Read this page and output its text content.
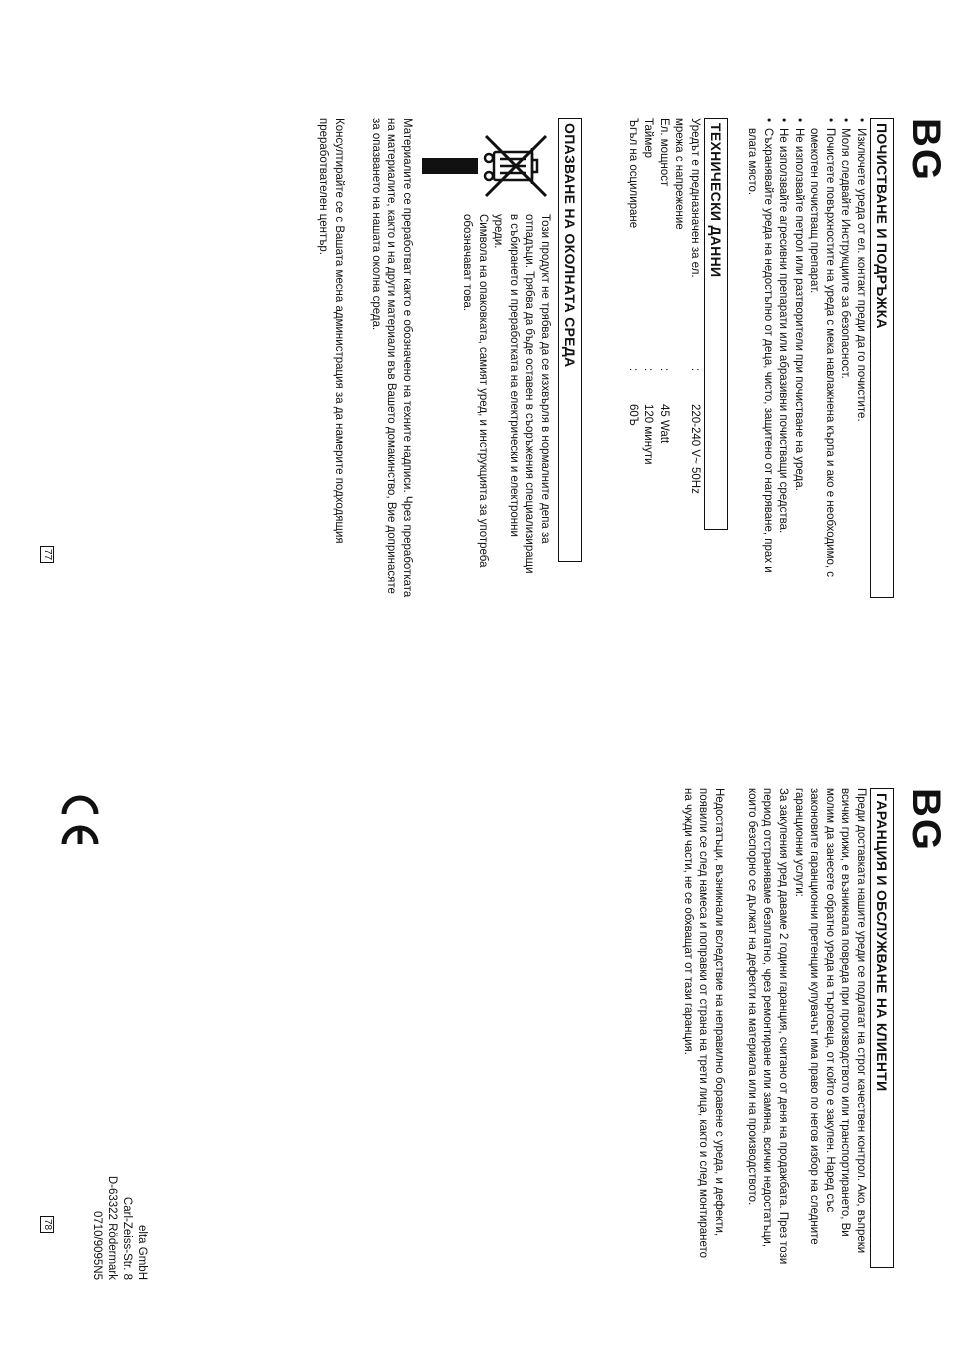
BG
ПОЧИСТВАНЕ И ПОДРЪЖКА
• Изключете уреда от ел. контакт преди да го почистите.
• Моля следвайте Инструкциите за безопасност.
• Почистете повърхностите на уреда с мека навлажнена кърпа и ако е необходимо, с омекотен почистващ препарат.
• Не използвайте петрол или разтворители при почистване на уреда.
• Не използвайте агресивни препарати или абразивни почистващи средства.
• Съхранявайте уреда на недостъпно от деца, чисто, защитено от нагряване, прах и влага място.
ТЕХНИЧЕСКИ ДАННИ
Уредът е предназначен за ел.	:	220-240 V~ 50Hz
мрежа с напрежение		
Ел. мощност	:	45 Watt
Таймер	:	120 минути
Ъгъл на осцилиране	:	60Ъ
ОПАЗВАНЕ НА ОКОЛНАТА СРЕДА

Този продукт не трябва да се изхвърля в нормалните депа за отпадъци. Трябва да бъде оставен в съоръжения специализиращи в събирането и преработката на електрически и електронни уреди.
Символа на опаковката, самият уред, и инструкцията за употреба обозначават това.

Материалите се преработват както е обозначено на техните надписи. Чрез преработката на материалите, както и на други материали във Вашето домакинство, Вие допринасяте за опазването на нашата околна среда.

Консултирайте се с Вашата месна администрация за да намерите подходящия преработвателен център.

77
BG
ГАРАНЦИЯ И ОБСЛУЖВАНЕ НА КЛИЕНТИ

Преди доставката нашите уреди се подлагат на строг качествен контрол. Ако, въпреки всички грижи, е възникнала повреда при производството или транспортирането, Ви молим да занесете обратно уреда на търговеца, от който е закупен. Наред със законовите гаранционни претенции купувачът има право по негов избор на следните гаранционни услуги:

За закупения уред даваме 2 години гаранция, считано от деня на продажбата. През този период отстраняваме безплатно, чрез ремонтиране или замяна, всички недостатъци, които безспорно се дължат на дефекти на материала или на производството.

Недостатъци, възникнали вследствие на неправилно боравене с уреда, и дефекти, появили се след намеса и поправки от страна на трети лица, както и след монтирането на чужди части, не се обхващат от тази гаранция.

elta GmbH
Carl-Zeiss-Str. 8
D-63322 Rödermark
0710/9095N5

78
